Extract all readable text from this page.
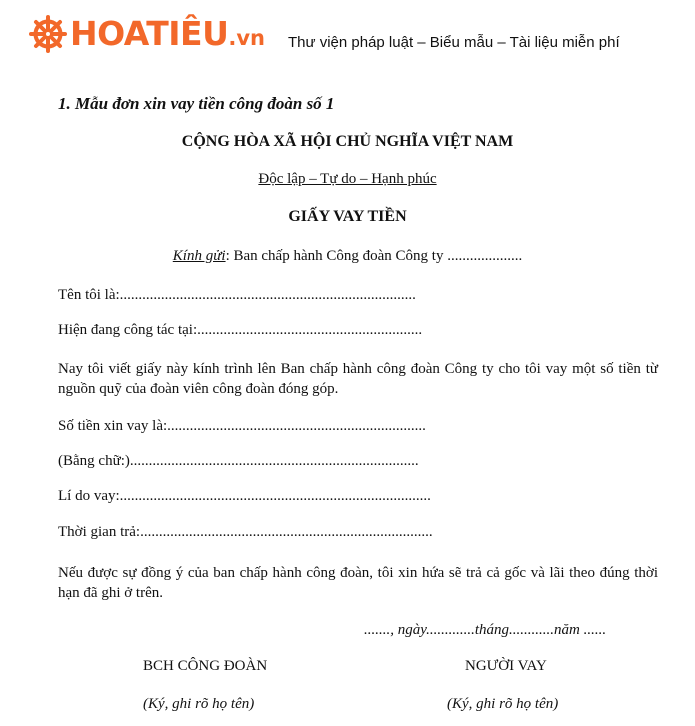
HOATIÊU.vn Thư viện pháp luật – Biểu mẫu – Tài liệu miễn phí
1. Mẫu đơn xin vay tiền công đoàn số 1
CỘNG HÒA XÃ HỘI CHỦ NGHĨA VIỆT NAM
Độc lập – Tự do – Hạnh phúc
GIẤY VAY TIỀN
Kính gửi: Ban chấp hành Công đoàn Công ty ....................
Tên tôi là:...............................................................................
Hiện đang công tác tại:............................................................
Nay tôi viết giấy này kính trình lên Ban chấp hành công đoàn Công ty cho tôi vay một số tiền từ nguồn quỹ của đoàn viên công đoàn đóng góp.
Số tiền xin vay là:.....................................................................
(Bằng chữ:).............................................................................
Lí do vay:...................................................................................
Thời gian trả:..............................................................................
Nếu được sự đồng ý của ban chấp hành công đoàn, tôi xin hứa sẽ trả cả gốc và lãi theo đúng thời hạn đã ghi ở trên.
......., ngày.............tháng............năm ......
BCH CÔNG ĐOÀN	NGƯỜI VAY
(Ký, ghi rõ họ tên)	(Ký, ghi rõ họ tên)
